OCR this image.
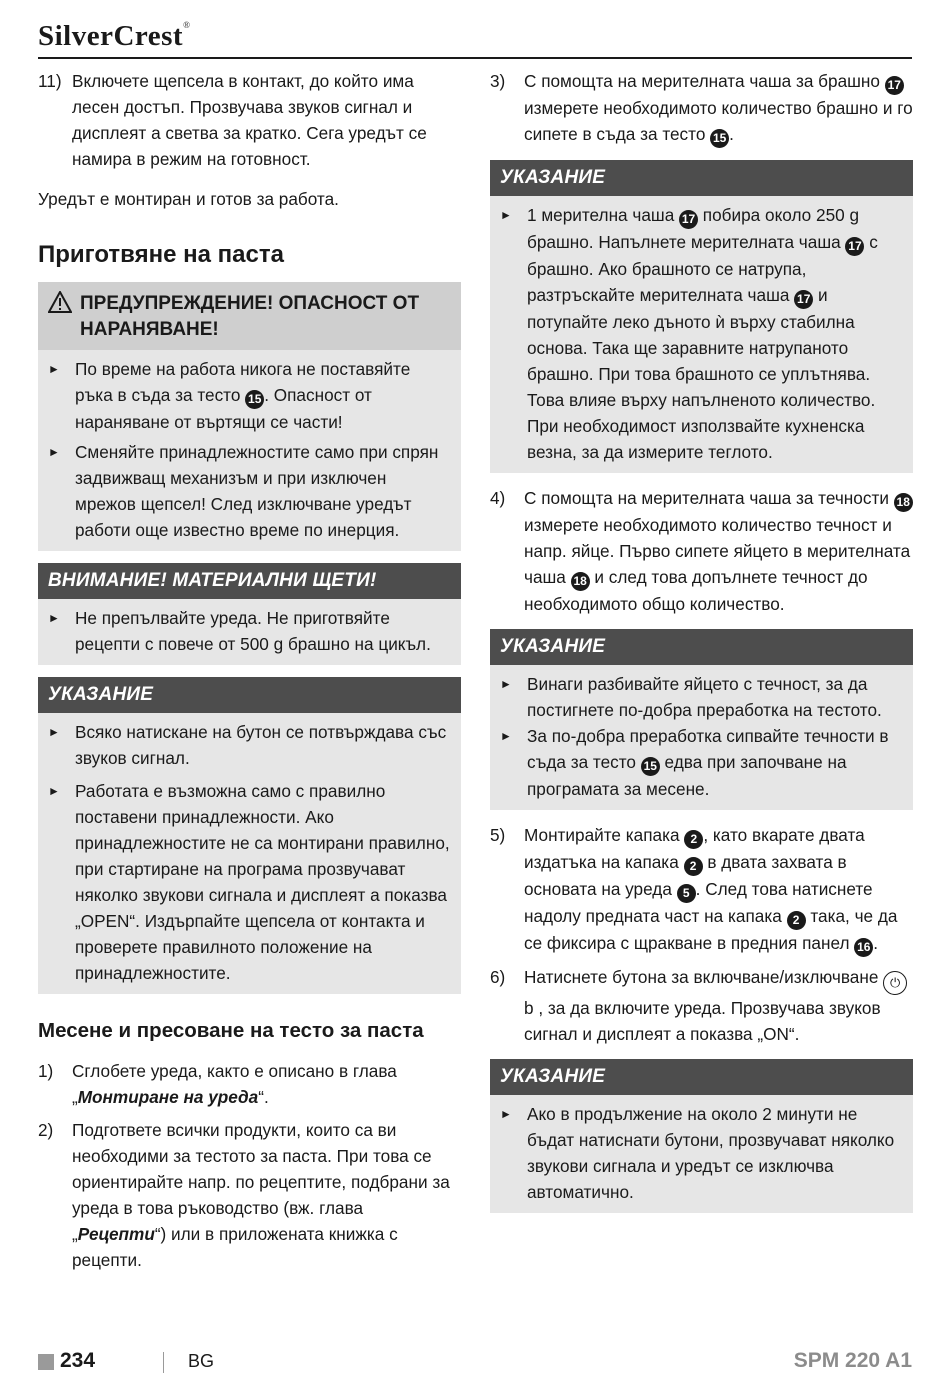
SilverCrest®
11) Включете щепсела в контакт, до който има лесен достъп. Прозвучава звуков сигнал и дисплеят а светва за кратко. Сега уредът се намира в режим на готовност.

Уредът е монтиран и готов за работа.

Приготвяне на паста
ПРЕДУПРЕЖДЕНИЕ! ОПАСНОСТ ОТ НАРАНЯВАНЕ!
► По време на работа никога не поставяйте ръка в съда за тесто 15 . Опасност от нараняване от въртящи се части!
► Сменяйте принадлежностите само при спрян задвижващ механизъм и при изключен мрежов щепсел! След изключване уредът работи още известно време по инерция.
ВНИМАНИЕ! МАТЕРИАЛНИ ЩЕТИ!
► Не препълвайте уреда. Не приготвяйте рецепти с повече от 500 g брашно на цикъл.
УКАЗАНИЕ
► Всяко натискане на бутон се потвърждава със звуков сигнал.
► Работата е възможна само с правилно поставени принадлежности. Ако принадлежностите не са монтирани правилно, при стартиране на програма прозвучават няколко звукови сигнала и дисплеят а показва „OPEN“. Издърпайте щепсела от контакта и проверете правилното положение на принадлежностите.
Месене и пресоване на тесто за паста
1)	Сглобете уреда, както е описано в глава „Монтиране на уреда“.
2)	Подгответе всички продукти, които са ви необходими за тестото за паста. При това се ориентирайте напр. по рецептите, подбрани за уреда в това ръководство (вж. глава „Рецепти“) или в приложената книжка с рецепти.
3)	С помощта на мерителната чаша за брашно 17 измерете необходимото количество брашно и го сипете в съда за тесто 15 .
УКАЗАНИЕ
► 1 мерителна чаша 17 побира около 250 g брашно. Напълнете мерителната чаша 17 с брашно. Ако брашното се натрупа, разтръскайте мерителната чаша 17 и потупайте леко дъното ѝ върху стабилна основа. Така ще заравните натрупаното брашно. При това брашното се уплътнява. Това влияе върху напълненото количество.
При необходимост използвайте кухненска везна, за да измерите теглото.
4)	С помощта на мерителната чаша за течности 18 измерете необходимото количество течност и напр. яйце. Първо сипете яйцето в мерителната чаша 18 и след това допълнете течност до необходимото общо количество.
УКАЗАНИЕ
► Винаги разбивайте яйцето с течност, за да постигнете по-добра преработка на тестото.
► За по-добра преработка сипвайте течности в съда за тесто 15 едва при започване на програмата за месене.
5)	Монтирайте капака 2 , като вкарате двата издатъка на капака 2 в двата захвата в основата на уреда 5 . След това натиснете надолу предната част на капака 2 така, че да се фиксира с щракване в предния панел 16 .
6)	Натиснете бутона за включване/изключване ⏻ b , за да включите уреда. Прозвучава звуков сигнал и дисплеят а показва „ON“.
УКАЗАНИЕ
► Ако в продължение на около 2 минути не бъдат натиснати бутони, прозвучават няколко звукови сигнала и уредът се изключва автоматично.
234	BG	SPM 220 A1
